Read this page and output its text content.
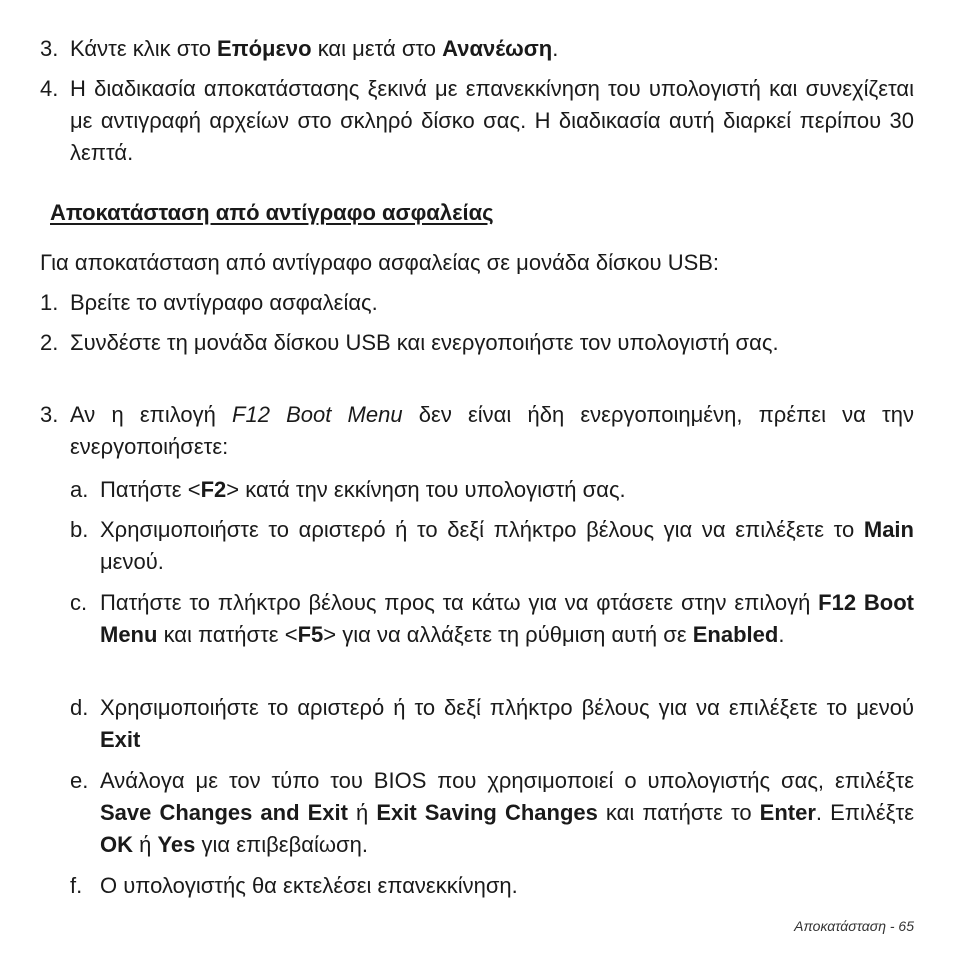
3. Κάντε κλικ στο Επόμενο και μετά στο Ανανέωση.
4. Η διαδικασία αποκατάστασης ξεκινά με επανεκκίνηση του υπολογιστή και συνεχίζεται με αντιγραφή αρχείων στο σκληρό δίσκο σας. Η διαδικασία αυτή διαρκεί περίπου 30 λεπτά.
Αποκατάσταση από αντίγραφο ασφαλείας
Για αποκατάσταση από αντίγραφο ασφαλείας σε μονάδα δίσκου USB:
1. Βρείτε το αντίγραφο ασφαλείας.
2. Συνδέστε τη μονάδα δίσκου USB και ενεργοποιήστε τον υπολογιστή σας.
3. Αν η επιλογή F12 Boot Menu δεν είναι ήδη ενεργοποιημένη, πρέπει να την ενεργοποιήσετε:
a. Πατήστε <F2> κατά την εκκίνηση του υπολογιστή σας.
b. Χρησιμοποιήστε το αριστερό ή το δεξί πλήκτρο βέλους για να επιλέξετε το Main μενού.
c. Πατήστε το πλήκτρο βέλους προς τα κάτω για να φτάσετε στην επιλογή F12 Boot Menu και πατήστε <F5> για να αλλάξετε τη ρύθμιση αυτή σε Enabled.
d. Χρησιμοποιήστε το αριστερό ή το δεξί πλήκτρο βέλους για να επιλέξετε το μενού Exit
e. Ανάλογα με τον τύπο του BIOS που χρησιμοποιεί ο υπολογιστής σας, επιλέξτε Save Changes and Exit ή Exit Saving Changes και πατήστε το Enter. Επιλέξτε OK ή Yes για επιβεβαίωση.
f. Ο υπολογιστής θα εκτελέσει επανεκκίνηση.
Αποκατάσταση - 65
